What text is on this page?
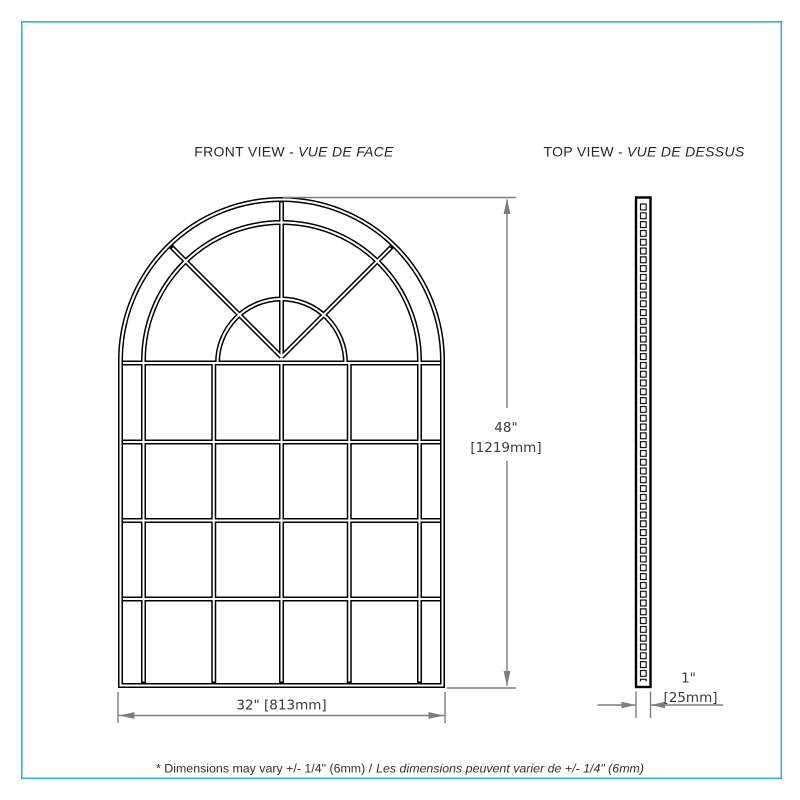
48"
[1219mm]
32" [813mm]
1"
[25mm]
FRONT VIEW - VUE DE FACE	TOP VIEW - VUE DE DESSUS
* Dimensions may vary +/- 1/4" (6mm) / Les dimensions peuvent varier de +/- 1/4" (6mm)
